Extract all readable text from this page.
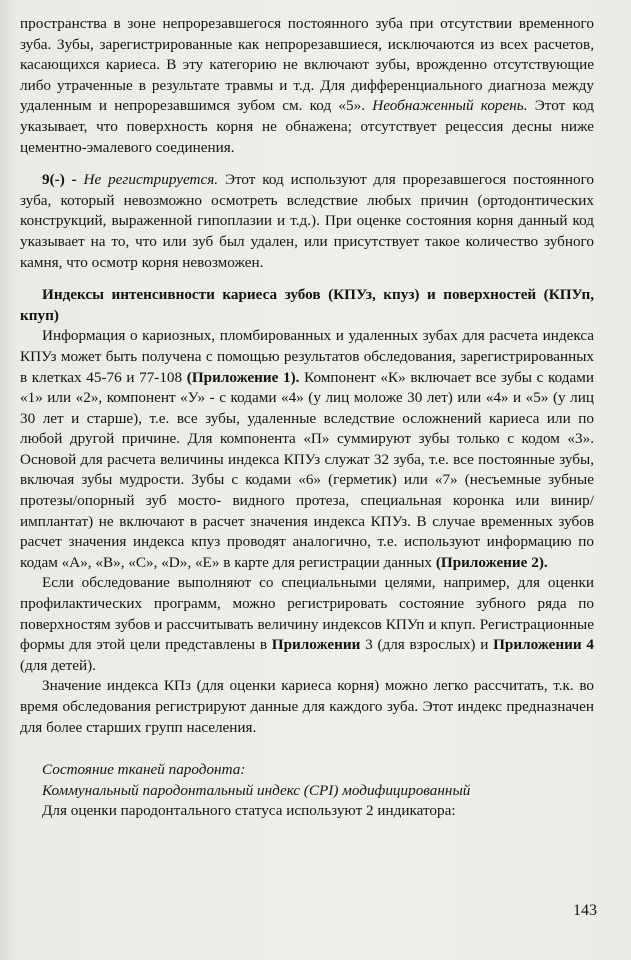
пространства в зоне непрорезавшегося постоянного зуба при отсутствии временного зуба. Зубы, зарегистрированные как непрорезавшиеся, исключаются из всех расчетов, касающихся кариеса. В эту категорию не включают зубы, врожденно отсутствующие либо утраченные в результате травмы и т.д. Для дифференциального диагноза между удаленным и непрорезавшимся зубом см. код «5». Необнаженный корень. Этот код указывает, что поверхность корня не обнажена; отсутствует рецессия десны ниже цементно-эмалевого соединения.

9(-) - Не регистрируется. Этот код используют для прорезавшегося постоянного зуба, который невозможно осмотреть вследствие любых причин (ортодонтических конструкций, выраженной гипоплазии и т.д.). При оценке состояния корня данный код указывает на то, что или зуб был удален, или присутствует такое количество зубного камня, что осмотр корня невозможен.

Индексы интенсивности кариеса зубов (КПУз, кпуз) и поверхностей (КПУп, кпуп)

Информация о кариозных, пломбированных и удаленных зубах для расчета индекса КПУз может быть получена с помощью результатов обследования, зарегистрированных в клетках 45-76 и 77-108 (Приложение 1). Компонент «К» включает все зубы с кодами «1» или «2», компонент «У» - с кодами «4» (у лиц моложе 30 лет) или «4» и «5» (у лиц 30 лет и старше), т.е. все зубы, удаленные вследствие осложнений кариеса или по любой другой причине. Для компонента «П» суммируют зубы только с кодом «3». Основой для расчета величины индекса КПУз служат 32 зуба, т.е. все постоянные зубы, включая зубы мудрости. Зубы с кодами «6» (герметик) или «7» (несъемные зубные протезы/опорный зуб мосто- видного протеза, специальная коронка или винир/имплантат) не включают в расчет значения индекса КПУз. В случае временных зубов расчет значения индекса кпуз проводят аналогично, т.е. используют информацию по кодам «А», «В», «С», «D», «Е» в карте для регистрации данных (Приложение 2).

Если обследование выполняют со специальными целями, например, для оценки профилактических программ, можно регистрировать состояние зубного ряда по поверхностям зубов и рассчитывать величину индексов КПУп и кпуп. Регистрационные формы для этой цели представлены в Приложении 3 (для взрослых) и Приложении 4 (для детей).

Значение индекса КПз (для оценки кариеса корня) можно легко рассчитать, т.к. во время обследования регистрируют данные для каждого зуба. Этот индекс предназначен для более старших групп населения.

Состояние тканей пародонта:

Коммунальный пародонтальный индекс (CPI) модифицированный

Для оценки пародонтального статуса используют 2 индикатора:

143
